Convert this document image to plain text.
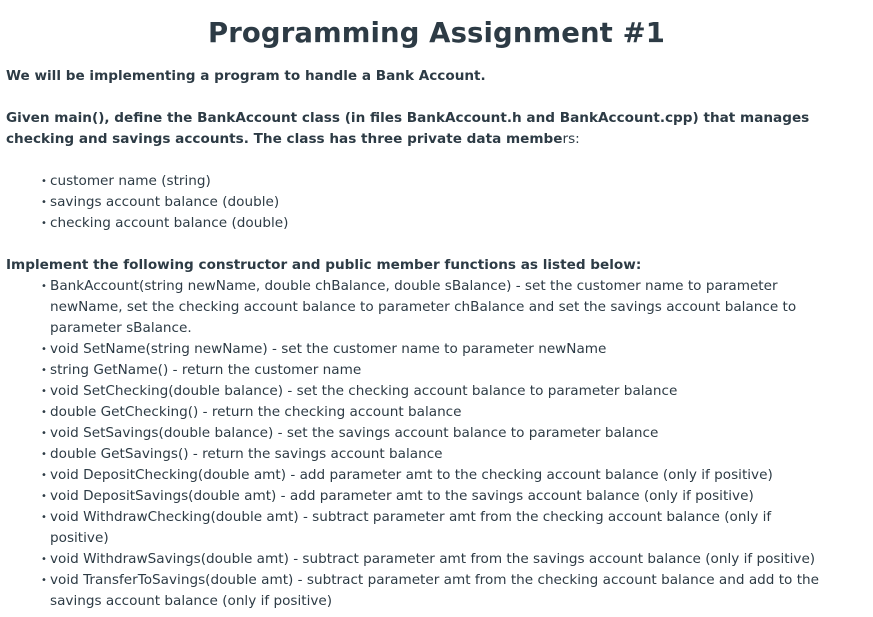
Programming Assignment #1

We will be implementing a program to handle a Bank Account.

Given main(), define the BankAccount class (in files BankAccount.h and BankAccount.cpp) that manages checking and savings accounts. The class has three private data members:

• customer name (string)
• savings account balance (double)
• checking account balance (double)

Implement the following constructor and public member functions as listed below:

• BankAccount(string newName, double chBalance, double sBalance) - set the customer name to parameter newName, set the checking account balance to parameter chBalance and set the savings account balance to parameter sBalance.
• void SetName(string newName) - set the customer name to parameter newName
• string GetName() - return the customer name
• void SetChecking(double balance) - set the checking account balance to parameter balance
• double GetChecking() - return the checking account balance
• void SetSavings(double balance) - set the savings account balance to parameter balance
• double GetSavings() - return the savings account balance
• void DepositChecking(double amt) - add parameter amt to the checking account balance (only if positive)
• void DepositSavings(double amt) - add parameter amt to the savings account balance (only if positive)
• void WithdrawChecking(double amt) - subtract parameter amt from the checking account balance (only if positive)
• void WithdrawSavings(double amt) - subtract parameter amt from the savings account balance (only if positive)
• void TransferToSavings(double amt) - subtract parameter amt from the checking account balance and add to the savings account balance (only if positive)
